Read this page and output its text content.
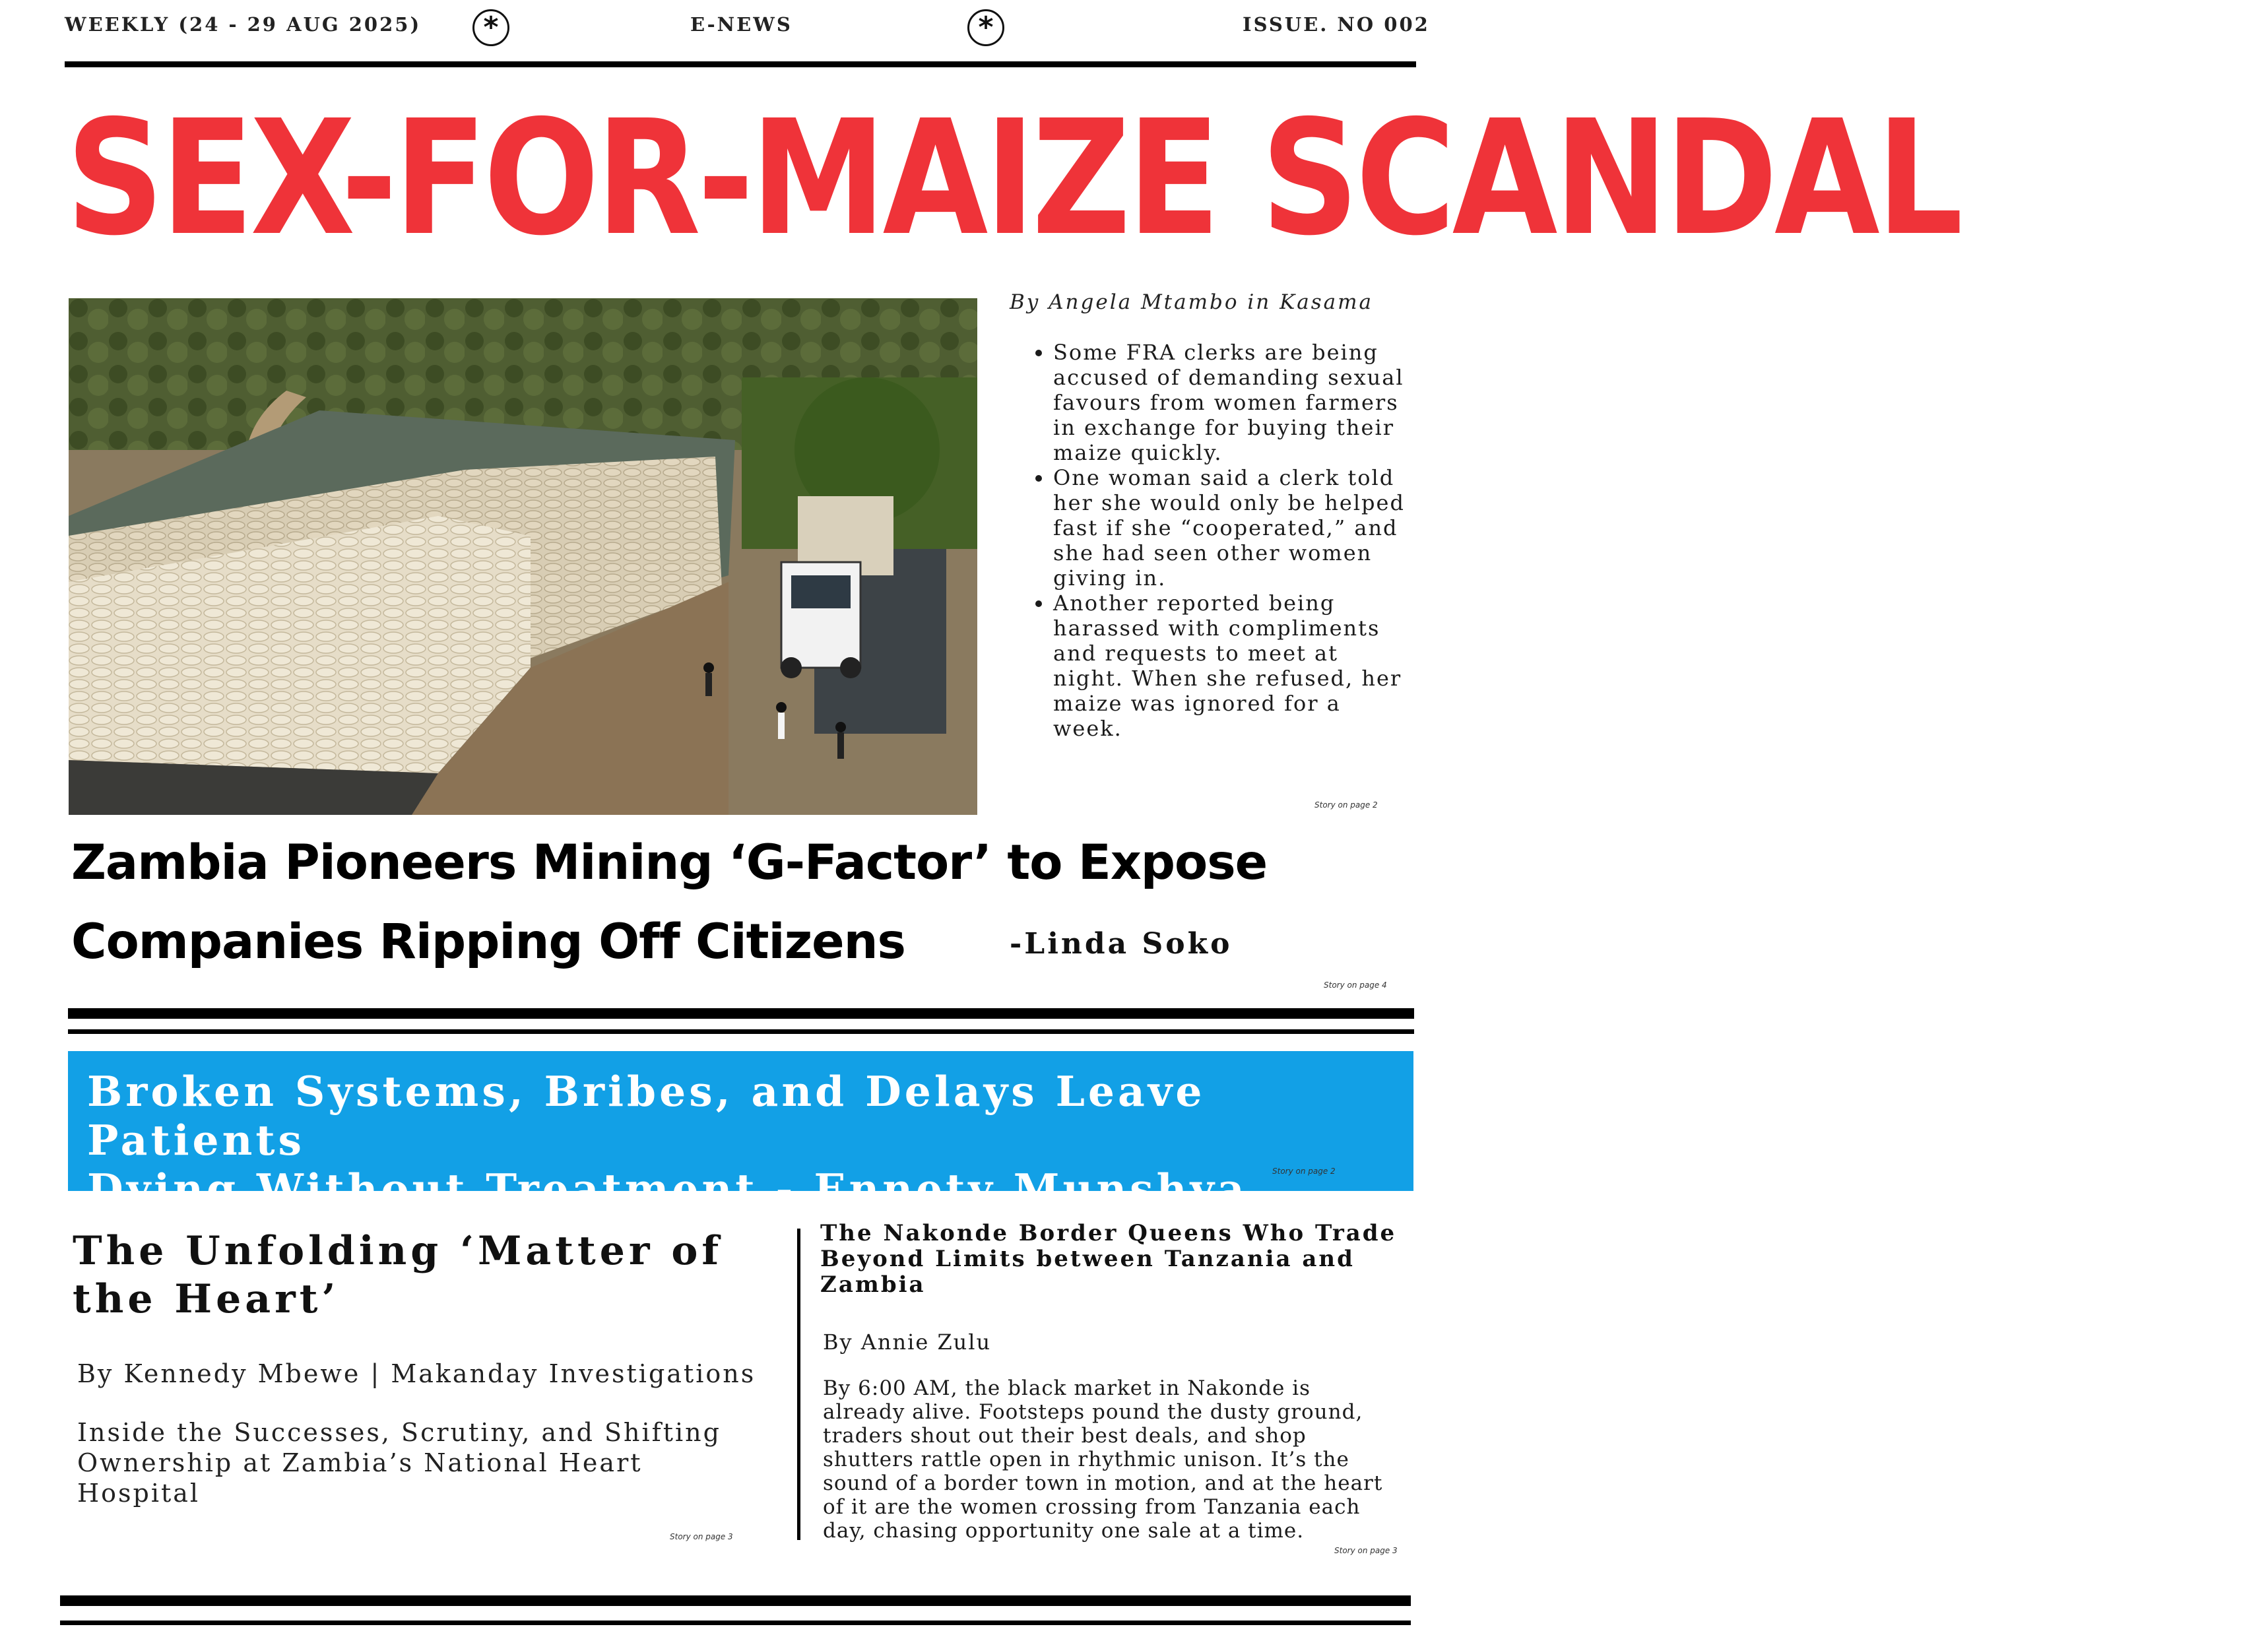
WEEKLY (24 - 29 AUG 2025)	*	E-NEWS	*	ISSUE. NO 002
SEX-FOR-MAIZE SCANDAL
By Angela Mtambo in Kasama
• Some FRA clerks are being accused of demanding sexual favours from women farmers in exchange for buying their maize quickly.
• One woman said a clerk told her she would only be helped fast if she “cooperated,” and she had seen other women giving in.
• Another reported being harassed with compliments and requests to meet at night. When she refused, her maize was ignored for a week.
Story on page 2
Zambia Pioneers Mining ‘G-Factor’ to Expose
Companies Ripping Off Citizens	-Linda Soko
Story on page 4
Broken Systems, Bribes, and Delays Leave Patients
Dying Without Treatment - Ennety Munshya	Story on page 2
The Unfolding ‘Matter of
the Heart’
By Kennedy Mbewe | Makanday Investigations
Inside the Successes, Scrutiny, and Shifting
Ownership at Zambia’s National Heart
Hospital
Story on page 3
The Nakonde Border Queens Who Trade
Beyond Limits between Tanzania and
Zambia
By Annie Zulu
By 6:00 AM, the black market in Nakonde is
already alive. Footsteps pound the dusty ground,
traders shout out their best deals, and shop
shutters rattle open in rhythmic unison. It’s the
sound of a border town in motion, and at the heart
of it are the women crossing from Tanzania each
day, chasing opportunity one sale at a time.
Story on page 3
